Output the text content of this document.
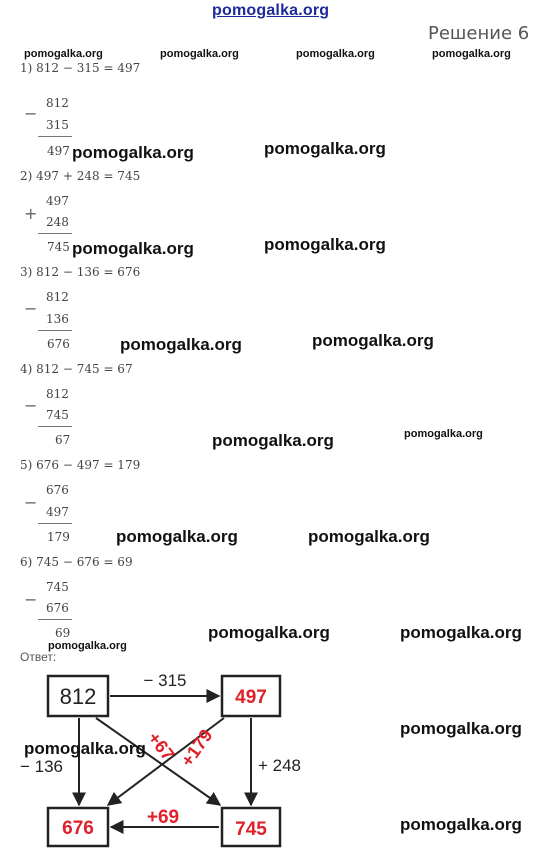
pomogalka.org
Решение 6
pomogalka.org	pomogalka.org	pomogalka.org	pomogalka.org
1) 812 − 315 = 497
−
812
315
497 pomogalka.org	pomogalka.org
2) 497 + 248 = 745
+
497
248
745 pomogalka.org	pomogalka.org
3) 812 − 136 = 676
−
812
136
676	pomogalka.org	pomogalka.org
4) 812 − 745 = 67
−
812
745
67	pomogalka.org	pomogalka.org
5) 676 − 497 = 179
−
676
497
179	pomogalka.org	pomogalka.org
6) 745 − 676 = 69
−
745
676
69	pomogalka.org	pomogalka.org
pomogalka.org
Ответ:
812	497
676	745
− 315
− 136	+ 248
+69
+67
+179	pomogalka.org
pomogalka.org
pomogalka.org
